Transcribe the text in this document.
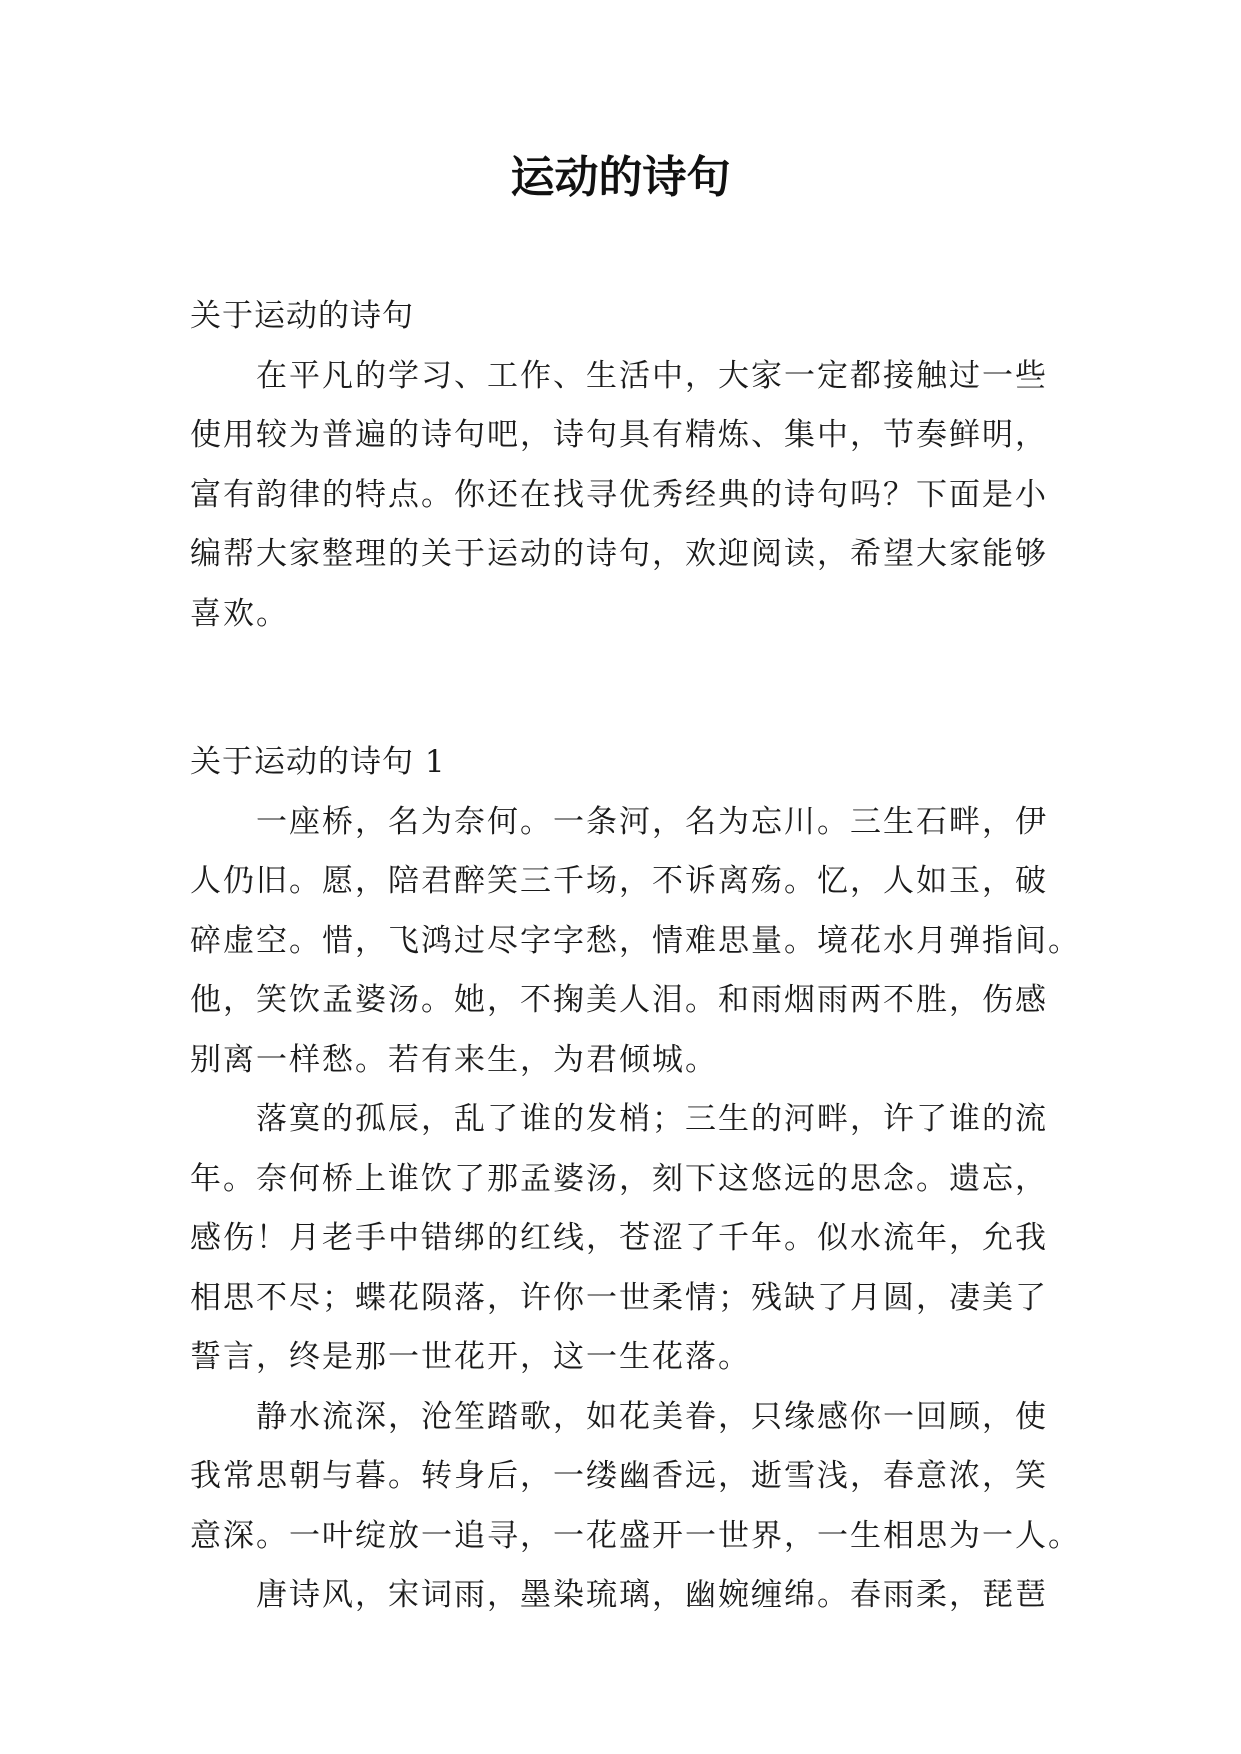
运动的诗句

关于运动的诗句

在平凡的学习、工作、生活中，大家一定都接触过一些

使用较为普遍的诗句吧，诗句具有精炼、集中，节奏鲜明，

富有韵律的特点。你还在找寻优秀经典的诗句吗？下面是小

编帮大家整理的关于运动的诗句，欢迎阅读，希望大家能够

喜欢。

关于运动的诗句 1

一座桥，名为奈何。一条河，名为忘川。三生石畔，伊

人仍旧。愿，陪君醉笑三千场，不诉离殇。忆，人如玉，破

碎虚空。惜，飞鸿过尽字字愁，情难思量。境花水月弹指间。

他，笑饮孟婆汤。她，不掬美人泪。和雨烟雨两不胜，伤感

别离一样愁。若有来生，为君倾城。

落寞的孤辰，乱了谁的发梢；三生的河畔，许了谁的流

年。奈何桥上谁饮了那孟婆汤，刻下这悠远的思念。遗忘，

感伤！月老手中错绑的红线，苍涩了千年。似水流年，允我

相思不尽；蝶花陨落，许你一世柔情；残缺了月圆，凄美了

誓言，终是那一世花开，这一生花落。

静水流深，沧笙踏歌，如花美眷，只缘感你一回顾，使

我常思朝与暮。转身后，一缕幽香远，逝雪浅，春意浓，笑

意深。一叶绽放一追寻，一花盛开一世界，一生相思为一人。

唐诗风，宋词雨，墨染琉璃，幽婉缠绵。春雨柔，琵琶
